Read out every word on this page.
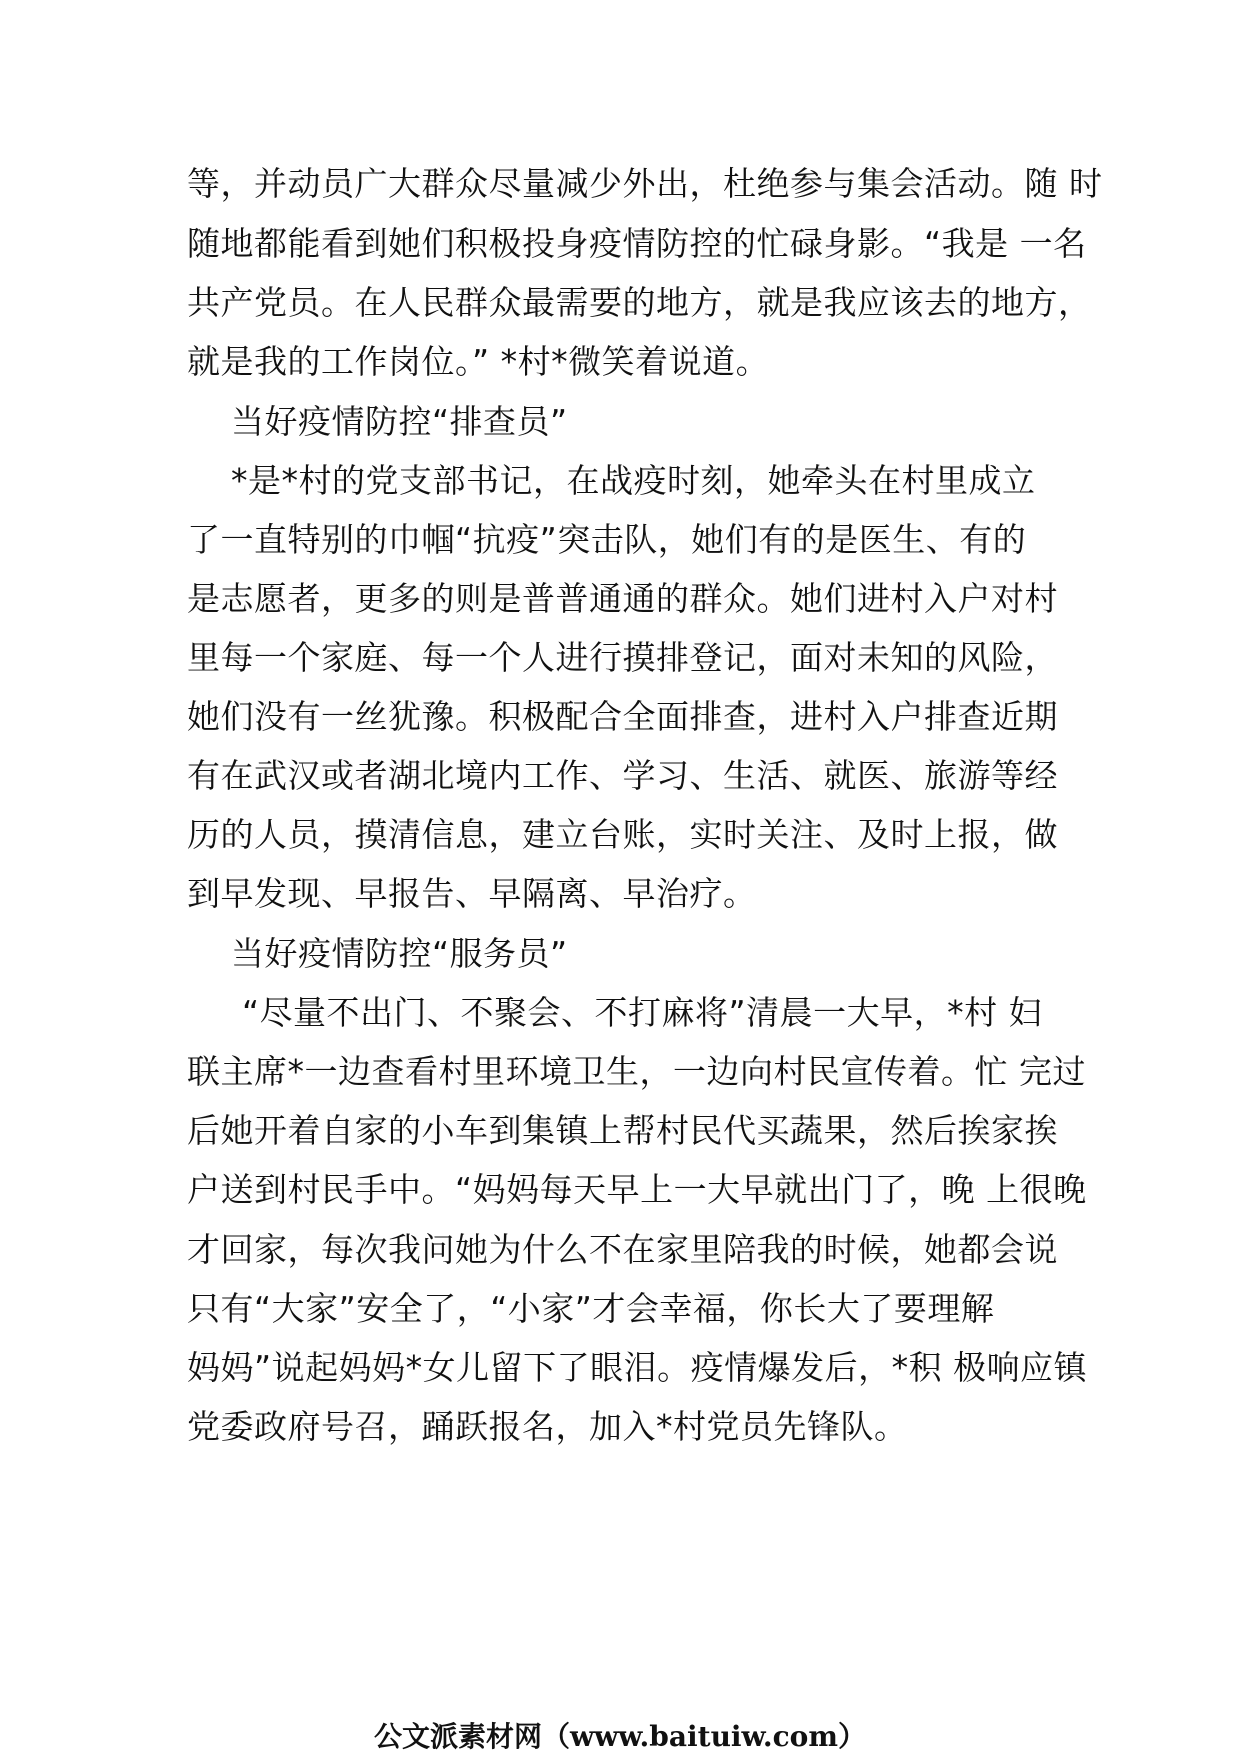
等，并动员广大群众尽量减少外出，杜绝参与集会活动。随 时
随地都能看到她们积极投身疫情防控的忙碌身影。“我是 一名
共产党员。在人民群众最需要的地方，就是我应该去的地方，
就是我的工作岗位。” *村*微笑着说道。
当好疫情防控“排查员”
*是*村的党支部书记，在战疫时刻，她牵头在村里成立
了一直特别的巾帼“抗疫”突击队，她们有的是医生、有的
是志愿者，更多的则是普普通通的群众。她们进村入户对村
里每一个家庭、每一个人进行摸排登记，面对未知的风险，
她们没有一丝犹豫。积极配合全面排查，进村入户排查近期
有在武汉或者湖北境内工作、学习、生活、就医、旅游等经
历的人员，摸清信息，建立台账，实时关注、及时上报，做
到早发现、早报告、早隔离、早治疗。
当好疫情防控“服务员”
“尽量不出门、不聚会、不打麻将”清晨一大早，*村 妇
联主席*一边查看村里环境卫生，一边向村民宣传着。忙 完过
后她开着自家的小车到集镇上帮村民代买蔬果，然后挨家挨
户送到村民手中。“妈妈每天早上一大早就出门了，晚 上很晚
才回家，每次我问她为什么不在家里陪我的时候，她都会说
只有“大家”安全了，“小家”才会幸福，你长大了要理解
妈妈”说起妈妈*女儿留下了眼泪。疫情爆发后，*积 极响应镇
党委政府号召，踊跃报名，加入*村党员先锋队。
公文派素材网（www.baituiw.com）
